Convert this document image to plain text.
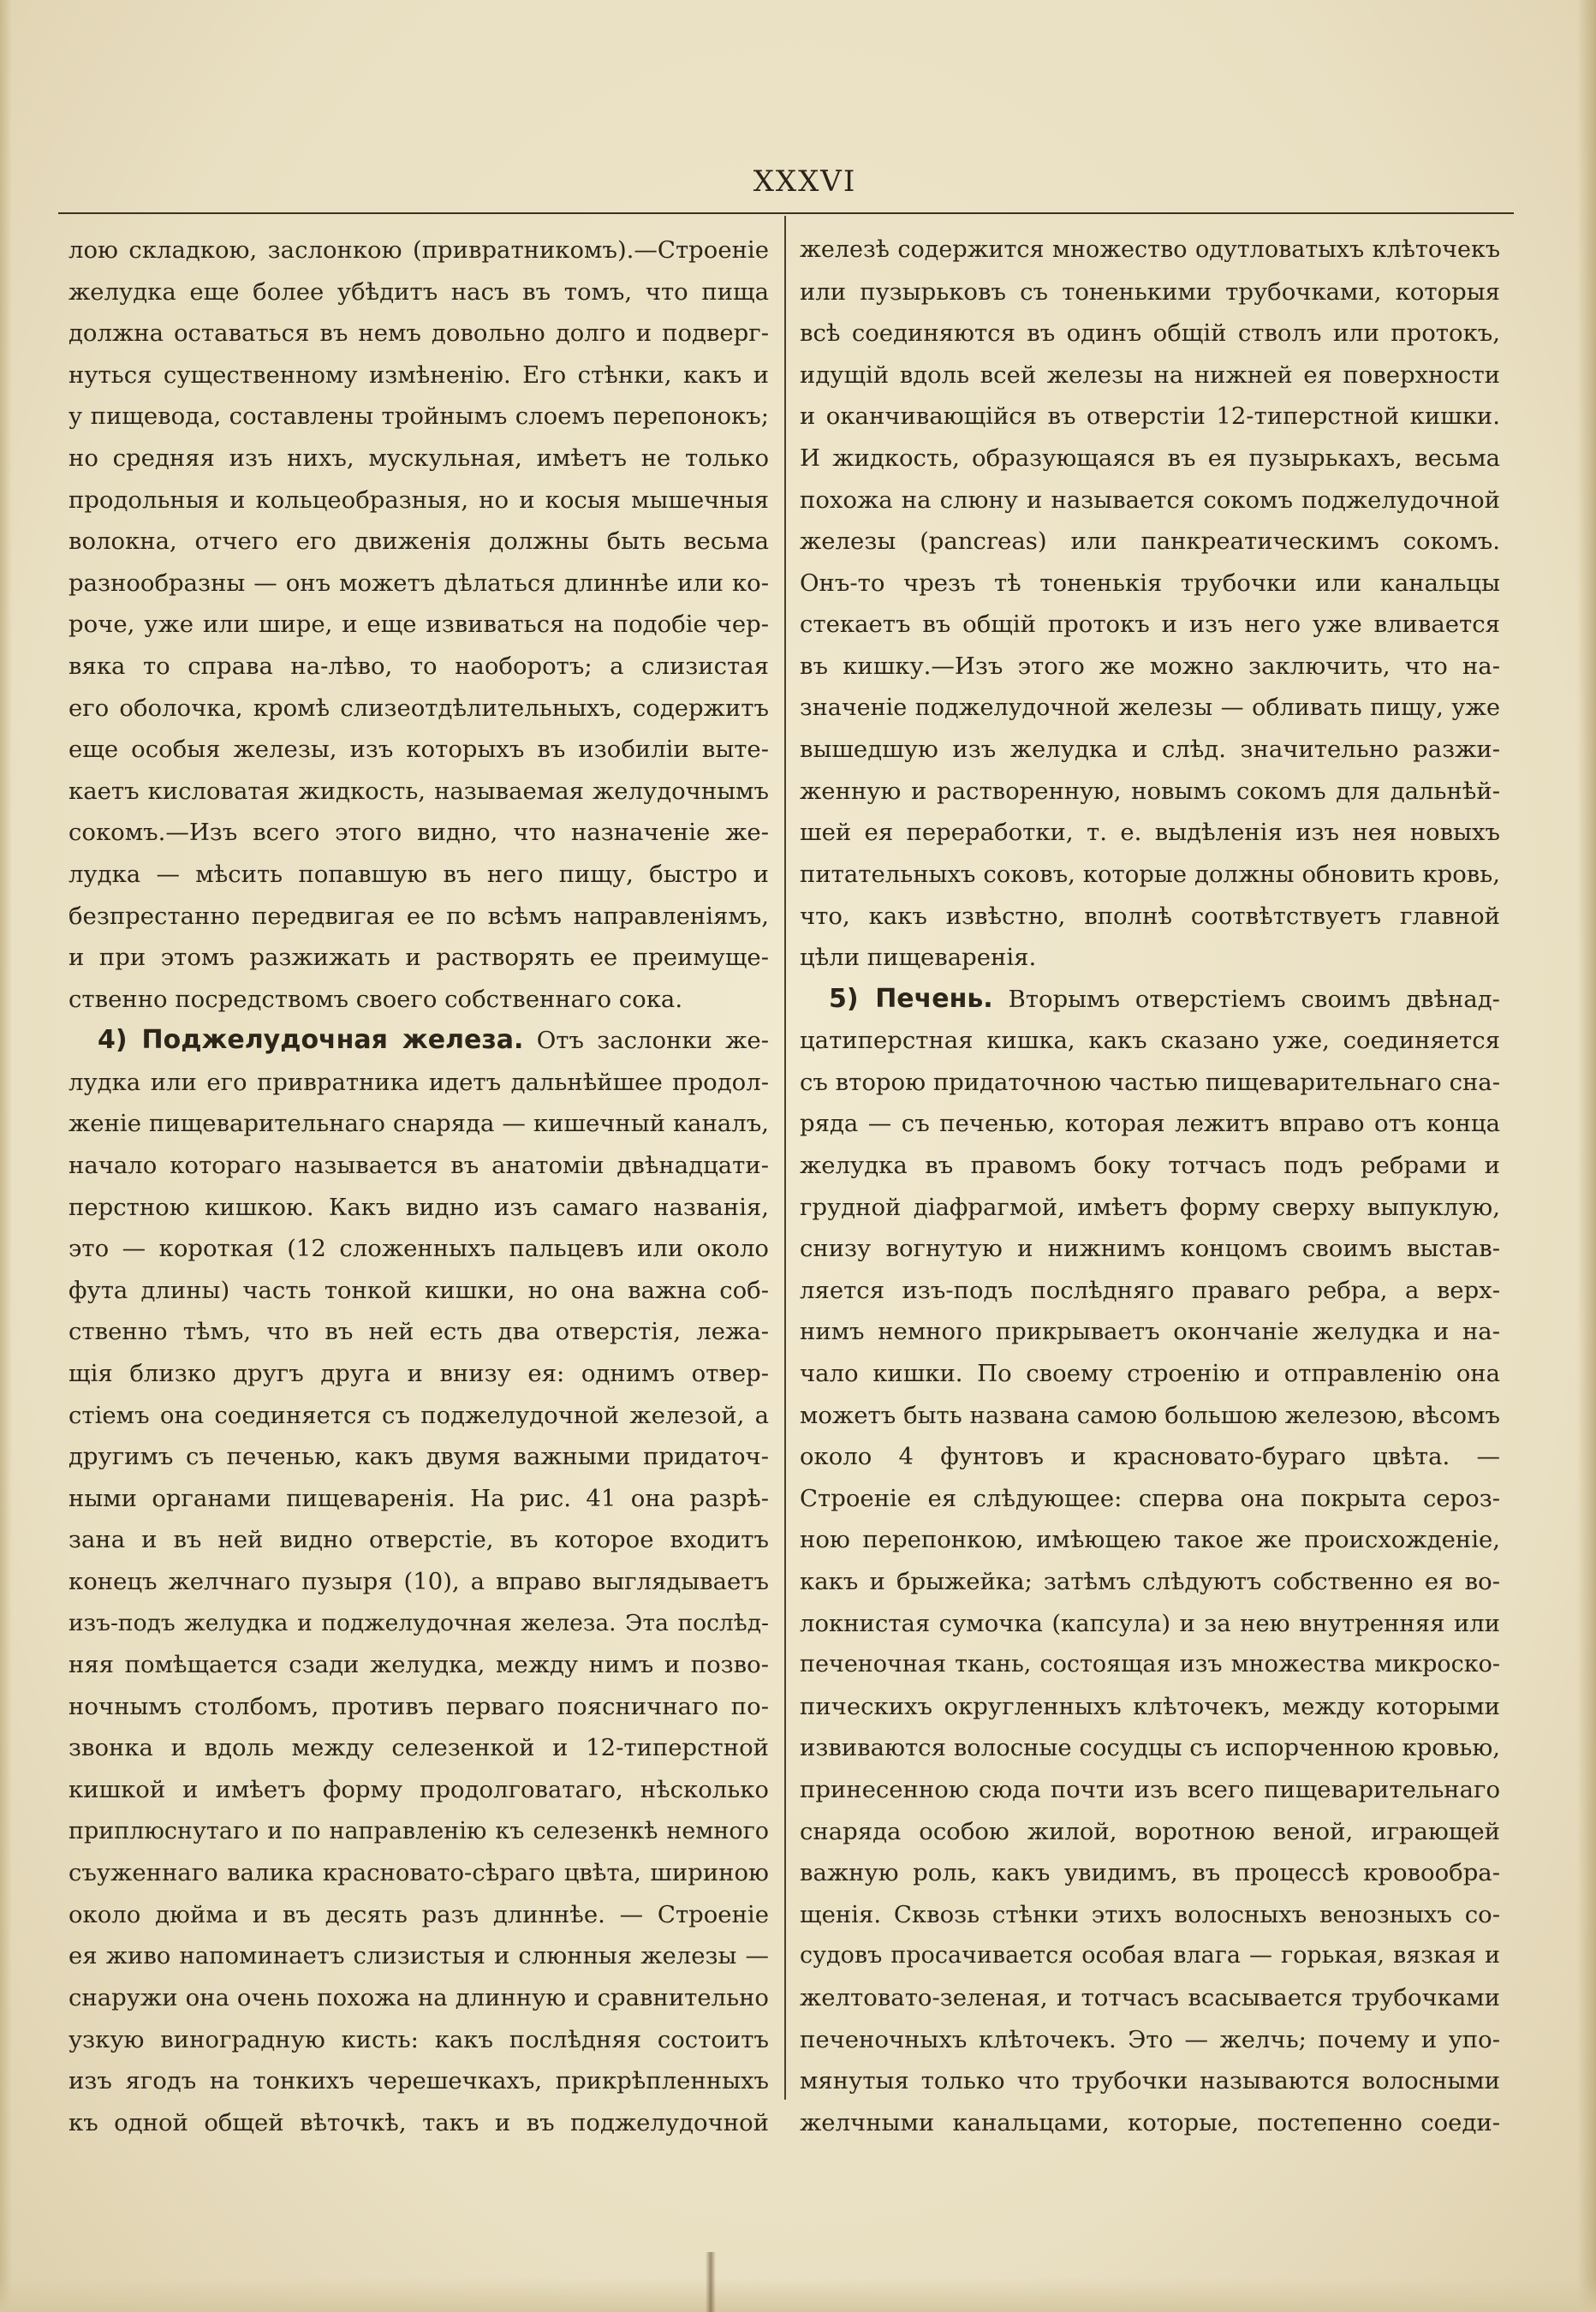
XXXVI
лою складкою, заслонкою (привратникомъ).—Строеніе
желудка еще более убѣдитъ насъ въ томъ, что пища
должна оставаться въ немъ довольно долго и подверг-
нуться существенному измѣненію. Его стѣнки, какъ и
у пищевода, составлены тройнымъ слоемъ перепонокъ;
но средняя изъ нихъ, мускульная, имѣетъ не только
продольныя и кольцеобразныя, но и косыя мышечныя
волокна, отчего его движенія должны быть весьма
разнообразны — онъ можетъ дѣлаться длиннѣе или ко-
роче, уже или шире, и еще извиваться на подобіе чер-
вяка то справа на-лѣво, то наоборотъ; а слизистая
его оболочка, кромѣ слизеотдѣлительныхъ, содержитъ
еще особыя железы, изъ которыхъ въ изобиліи выте-
каетъ кисловатая жидкость, называемая желудочнымъ
сокомъ.—Изъ всего этого видно, что назначеніе же-
лудка — мѣсить попавшую въ него пищу, быстро и
безпрестанно передвигая ее по всѣмъ направленіямъ,
и при этомъ разжижать и растворять ее преимуще-
ственно посредствомъ своего собственнаго сока.
4) Поджелудочная железа. Отъ заслонки же-
лудка или его привратника идетъ дальнѣйшее продол-
женіе пищеварительнаго снаряда — кишечный каналъ,
начало котораго называется въ анатоміи двѣнадцати-
перстною кишкою. Какъ видно изъ самаго названія,
это — короткая (12 сложенныхъ пальцевъ или около
фута длины) часть тонкой кишки, но она важна соб-
ственно тѣмъ, что въ ней есть два отверстія, лежа-
щія близко другъ друга и внизу ея: однимъ отвер-
стіемъ она соединяется съ поджелудочной железой, а
другимъ съ печенью, какъ двумя важными придаточ-
ными органами пищеваренія. На рис. 41 она разрѣ-
зана и въ ней видно отверстіе, въ которое входитъ
конецъ желчнаго пузыря (10), а вправо выглядываетъ
изъ-подъ желудка и поджелудочная железа. Эта послѣд-
няя помѣщается сзади желудка, между нимъ и позво-
ночнымъ столбомъ, противъ перваго поясничнаго по-
звонка и вдоль между селезенкой и 12-типерстной
кишкой и имѣетъ форму продолговатаго, нѣсколько
приплюснутаго и по направленію къ селезенкѣ немного
съуженнаго валика красновато-сѣраго цвѣта, шириною
около дюйма и въ десять разъ длиннѣе. — Строеніе
ея живо напоминаетъ слизистыя и слюнныя железы —
снаружи она очень похожа на длинную и сравнительно
узкую виноградную кисть: какъ послѣдняя состоитъ
изъ ягодъ на тонкихъ черешечкахъ, прикрѣпленныхъ
къ одной общей вѣточкѣ, такъ и въ поджелудочной
железѣ содержится множество одутловатыхъ клѣточекъ
или пузырьковъ съ тоненькими трубочками, которыя
всѣ соединяются въ одинъ общій стволъ или протокъ,
идущій вдоль всей железы на нижней ея поверхности
и оканчивающійся въ отверстіи 12-типерстной кишки.
И жидкость, образующаяся въ ея пузырькахъ, весьма
похожа на слюну и называется сокомъ поджелудочной
железы (pancreas) или панкреатическимъ сокомъ.
Онъ-то чрезъ тѣ тоненькія трубочки или канальцы
стекаетъ въ общій протокъ и изъ него уже вливается
въ кишку.—Изъ этого же можно заключить, что на-
значеніе поджелудочной железы — обливать пищу, уже
вышедшую изъ желудка и слѣд. значительно разжи-
женную и раствореннyю, новымъ сокомъ для дальнѣй-
шей ея переработки, т. е. выдѣленія изъ нея новыхъ
питательныхъ соковъ, которые должны обновить кровь,
что, какъ извѣстно, вполнѣ соотвѣтствуетъ главной
цѣли пищеваренія.
5) Печень. Вторымъ отверстіемъ своимъ двѣнад-
цатиперстная кишка, какъ сказано уже, соединяется
съ второю придаточною частью пищеварительнаго сна-
ряда — съ печенью, которая лежитъ вправо отъ конца
желудка въ правомъ боку тотчасъ подъ ребрами и
грудной діафрагмой, имѣетъ форму сверху выпуклую,
снизу вогнутую и нижнимъ концомъ своимъ выстав-
ляется изъ-подъ послѣдняго праваго ребра, а верх-
нимъ немного прикрываетъ окончаніе желудка и на-
чало кишки. По своему строенію и отправленію она
можетъ быть названа самою большою железою, вѣсомъ
около 4 фунтовъ и красновато-бураго цвѣта. —
Строеніе ея слѣдующее: сперва она покрыта сероз-
ною перепонкою, имѣющею такое же происхожденіе,
какъ и брыжейка; затѣмъ слѣдуютъ собственно ея во-
локнистая сумочка (капсула) и за нею внутренняя или
печеночная ткань, состоящая изъ множества микроско-
пическихъ округленныхъ клѣточекъ, между которыми
извиваются волосные сосудцы съ испорченною кровью,
принесенною сюда почти изъ всего пищеварительнаго
снаряда особою жилой, воротною веной, играющей
важную роль, какъ увидимъ, въ процессѣ кровообра-
щенія. Сквозь стѣнки этихъ волосныхъ венозныхъ со-
судовъ просачивается особая влага — горькая, вязкая и
желтовато-зеленая, и тотчасъ всасывается трубочками
печеночныхъ клѣточекъ. Это — желчь; почему и упо-
мянутыя только что трубочки называются волосными
желчными канальцами, которые, постепенно соеди-
